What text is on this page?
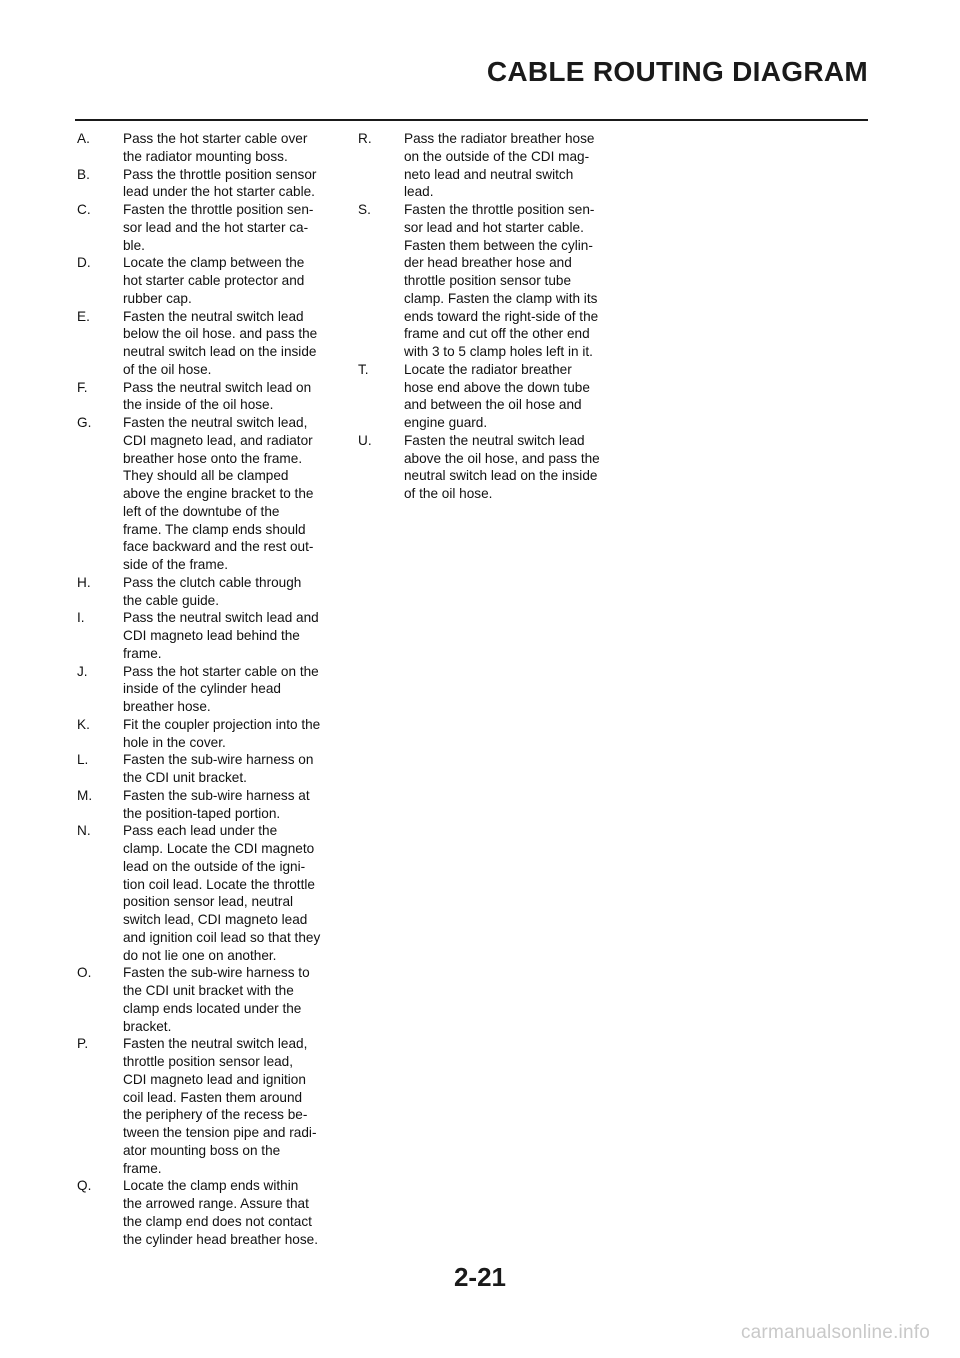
CABLE ROUTING DIAGRAM
A.	Pass the hot starter cable over
the radiator mounting boss.
B.	Pass the throttle position sensor
lead under the hot starter cable.
C.	Fasten the throttle position sen-
sor lead and the hot starter ca-
ble.
D.	Locate the clamp between the
hot starter cable protector and
rubber cap.
E.	Fasten the neutral switch lead
below the oil hose. and pass the
neutral switch lead on the inside
of the oil hose.
F.	Pass the neutral switch lead on
the inside of the oil hose.
G.	Fasten the neutral switch lead,
CDI magneto lead, and radiator
breather hose onto the frame.
They should all be clamped
above the engine bracket to the
left of the downtube of the
frame. The clamp ends should
face backward and the rest out-
side of the frame.
H.	Pass the clutch cable through
the cable guide.
I.	Pass the neutral switch lead and
CDI magneto lead behind the
frame.
J.	Pass the hot starter cable on the
inside of the cylinder head
breather hose.
K.	Fit the coupler projection into the
hole in the cover.
L.	Fasten the sub-wire harness on
the CDI unit bracket.
M.	Fasten the sub-wire harness at
the position-taped portion.
N.	Pass each lead under the
clamp. Locate the CDI magneto
lead on the outside of the igni-
tion coil lead. Locate the throttle
position sensor lead, neutral
switch lead, CDI magneto lead
and ignition coil lead so that they
do not lie one on another.
O.	Fasten the sub-wire harness to
the CDI unit bracket with the
clamp ends located under the
bracket.
P.	Fasten the neutral switch lead,
throttle position sensor lead,
CDI magneto lead and ignition
coil lead. Fasten them around
the periphery of the recess be-
tween the tension pipe and radi-
ator mounting boss on the
frame.
Q.	Locate the clamp ends within
the arrowed range. Assure that
the clamp end does not contact
the cylinder head breather hose.
R.	Pass the radiator breather hose
on the outside of the CDI mag-
neto lead and neutral switch
lead.
S.	Fasten the throttle position sen-
sor lead and hot starter cable.
Fasten them between the cylin-
der head breather hose and
throttle position sensor tube
clamp. Fasten the clamp with its
ends toward the right-side of the
frame and cut off the other end
with 3 to 5 clamp holes left in it.
T.	Locate the radiator breather
hose end above the down tube
and between the oil hose and
engine guard.
U.	Fasten the neutral switch lead
above the oil hose, and pass the
neutral switch lead on the inside
of the oil hose.
2-21
carmanualsonline.info
